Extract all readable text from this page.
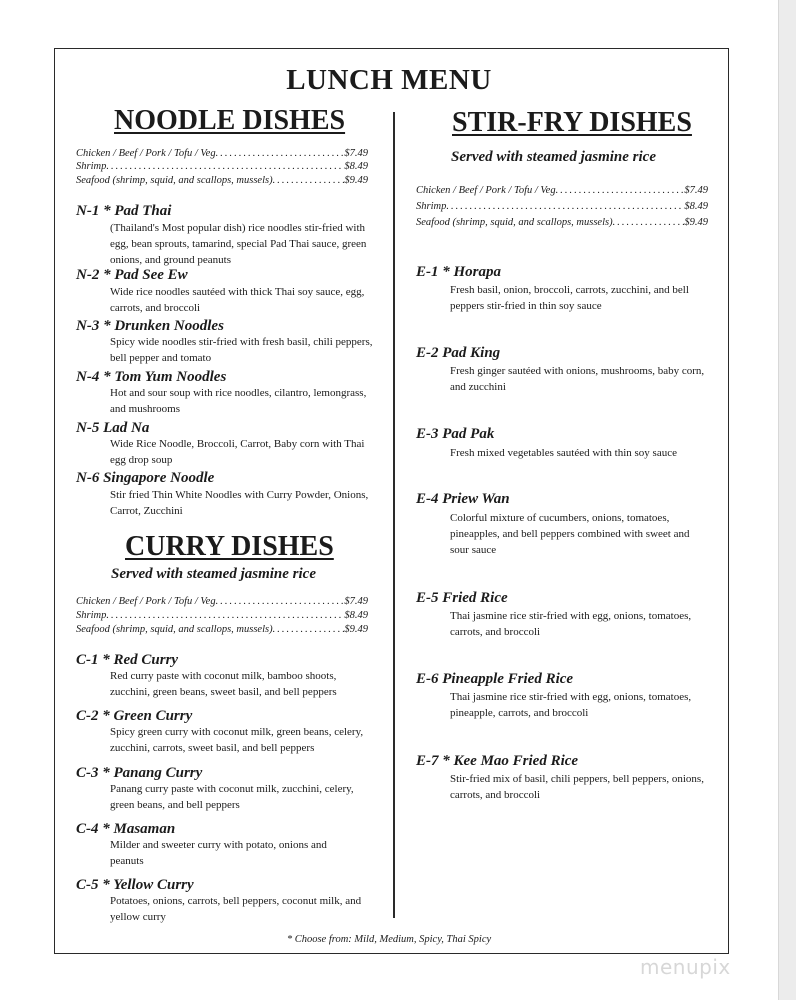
LUNCH MENU
NOODLE DISHES
Chicken / Beef / Pork / Tofu / Veg . . .	$7.49
Shrimp . . .	$8.49
Seafood (shrimp, squid, and scallops, mussels) . . .	$9.49
N-1 * Pad Thai
(Thailand's Most popular dish) rice noodles stir-fried with egg, bean sprouts, tamarind, special Pad Thai sauce, green onions, and ground peanuts
N-2 * Pad See Ew
Wide rice noodles sautéed with thick Thai soy sauce, egg, carrots, and broccoli
N-3 * Drunken Noodles
Spicy wide noodles stir-fried with fresh basil, chili peppers, bell pepper and tomato
N-4 * Tom Yum Noodles
Hot and sour soup with rice noodles, cilantro, lemongrass, and mushrooms
N-5 Lad Na
Wide Rice Noodle, Broccoli, Carrot, Baby corn with Thai egg drop soup
N-6 Singapore Noodle
Stir fried Thin White Noodles with Curry Powder, Onions, Carrot, Zucchini
CURRY DISHES
Served with steamed jasmine rice
Chicken / Beef / Pork / Tofu / Veg . . .	$7.49
Shrimp . . .	$8.49
Seafood (shrimp, squid, and scallops, mussels) . . .	$9.49
C-1 * Red Curry
Red curry paste with coconut milk, bamboo shoots, zucchini, green beans, sweet basil, and bell peppers
C-2 * Green Curry
Spicy green curry with coconut milk, green beans, celery, zucchini, carrots, sweet basil, and bell peppers
C-3 * Panang Curry
Panang curry paste with coconut milk, zucchini, celery, green beans, and bell peppers
C-4 * Masaman
Milder and sweeter curry with potato, onions and peanuts
C-5 * Yellow Curry
Potatoes, onions, carrots, bell peppers, coconut milk, and yellow curry
STIR-FRY DISHES
Served with steamed jasmine rice
Chicken / Beef / Pork / Tofu / Veg . . .	$7.49
Shrimp . . .	$8.49
Seafood (shrimp, squid, and scallops, mussels) . . .	$9.49
E-1 * Horapa
Fresh basil, onion, broccoli, carrots, zucchini, and bell peppers stir-fried in thin soy sauce
E-2 Pad King
Fresh ginger sautéed with onions, mushrooms, baby corn, and zucchini
E-3 Pad Pak
Fresh mixed vegetables sautéed with thin soy sauce
E-4 Priew Wan
Colorful mixture of cucumbers, onions, tomatoes, pineapples, and bell peppers combined with sweet and sour sauce
E-5 Fried Rice
Thai jasmine rice stir-fried with egg, onions, tomatoes, carrots, and broccoli
E-6 Pineapple Fried Rice
Thai jasmine rice stir-fried with egg, onions, tomatoes, pineapple, carrots, and broccoli
E-7 * Kee Mao Fried Rice
Stir-fried mix of basil, chili peppers, bell peppers, onions, carrots, and broccoli
* Choose from: Mild, Medium, Spicy, Thai Spicy
menupix
